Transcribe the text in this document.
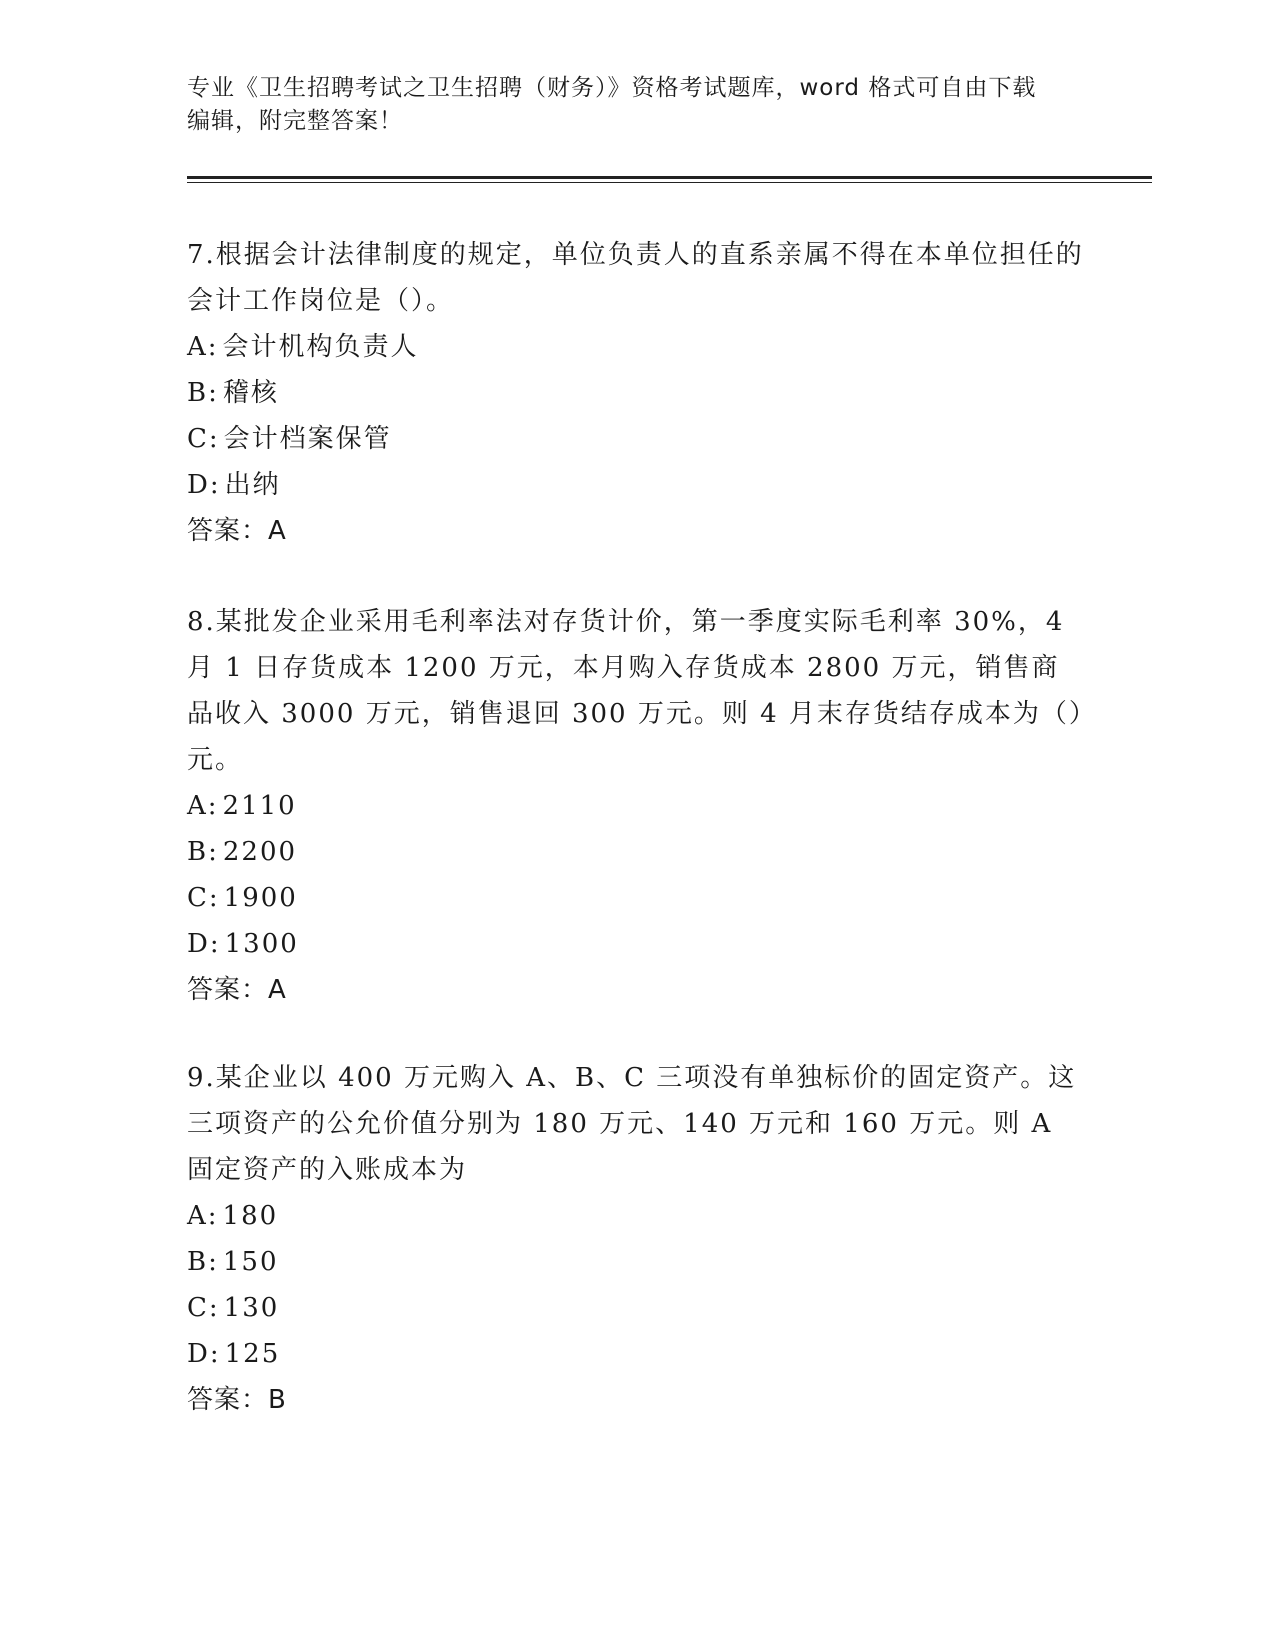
专业《卫生招聘考试之卫生招聘（财务）》资格考试题库，word 格式可自由下载
编辑，附完整答案！

7.根据会计法律制度的规定，单位负责人的直系亲属不得在本单位担任的会计工作岗位是（）。

A: 会计机构负责人

B: 稽核

C: 会计档案保管

D: 出纳

答案：A

8.某批发企业采用毛利率法对存货计价，第一季度实际毛利率 30%，4 月 1 日存货成本 1200 万元，本月购入存货成本 2800 万元，销售商品收入 3000 万元，销售退回 300 万元。则 4 月末存货结存成本为（）元。

A: 2110

B: 2200

C: 1900

D: 1300

答案：A

9.某企业以 400 万元购入 A、B、C 三项没有单独标价的固定资产。这三项资产的公允价值分别为 180 万元、140 万元和 160 万元。则 A 固定资产的入账成本为

A: 180

B: 150

C: 130

D: 125

答案：B
